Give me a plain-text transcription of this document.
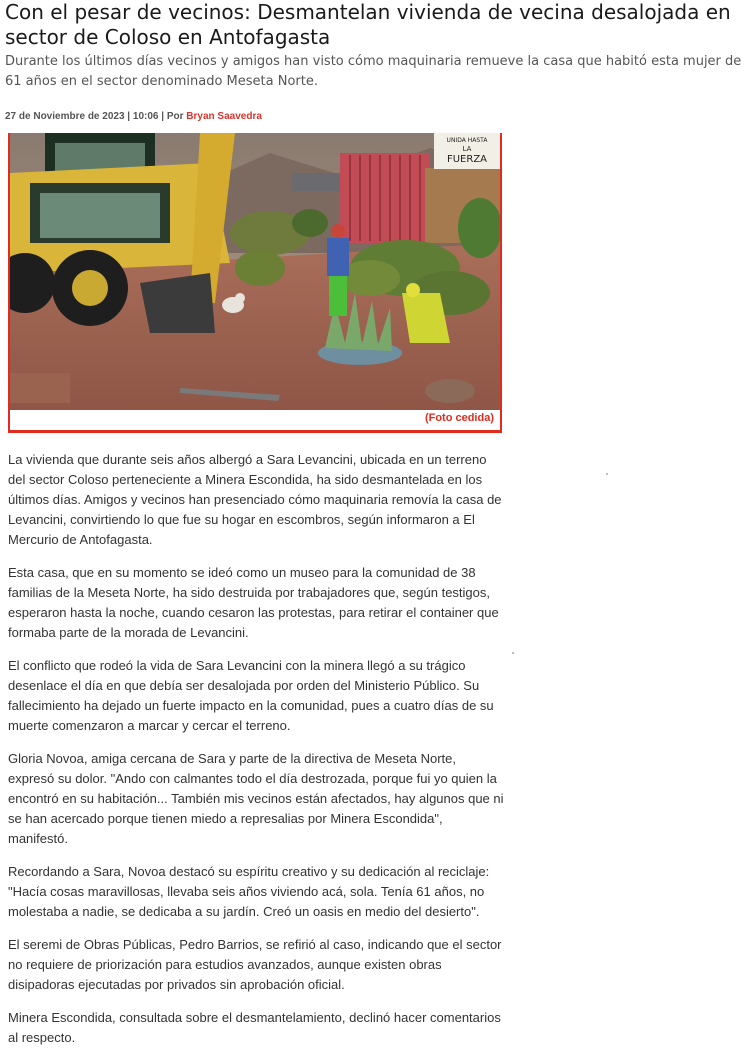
Con el pesar de vecinos: Desmantelan vivienda de vecina desalojada en sector de Coloso en Antofagasta

Durante los últimos días vecinos y amigos han visto cómo maquinaria remueve la casa que habitó esta mujer de 61 años en el sector denominado Meseta Norte.

27 de Noviembre de 2023 | 10:06 | Por Bryan Saavedra
UNIDA HASTA
LA
FUERZA
(Foto cedida)

La vivienda que durante seis años albergó a Sara Levancini, ubicada en un terreno del sector Coloso perteneciente a Minera Escondida, ha sido desmantelada en los últimos días. Amigos y vecinos han presenciado cómo maquinaria removía la casa de Levancini, convirtiendo lo que fue su hogar en escombros, según informaron a El Mercurio de Antofagasta.

Esta casa, que en su momento se ideó como un museo para la comunidad de 38 familias de la Meseta Norte, ha sido destruida por trabajadores que, según testigos, esperaron hasta la noche, cuando cesaron las protestas, para retirar el container que formaba parte de la morada de Levancini.

El conflicto que rodeó la vida de Sara Levancini con la minera llegó a su trágico desenlace el día en que debía ser desalojada por orden del Ministerio Público. Su fallecimiento ha dejado un fuerte impacto en la comunidad, pues a cuatro días de su muerte comenzaron a marcar y cercar el terreno.

Gloria Novoa, amiga cercana de Sara y parte de la directiva de Meseta Norte, expresó su dolor. "Ando con calmantes todo el día destrozada, porque fui yo quien la encontró en su habitación... También mis vecinos están afectados, hay algunos que ni se han acercado porque tienen miedo a represalias por Minera Escondida", manifestó.

Recordando a Sara, Novoa destacó su espíritu creativo y su dedicación al reciclaje: "Hacía cosas maravillosas, llevaba seis años viviendo acá, sola. Tenía 61 años, no molestaba a nadie, se dedicaba a su jardín. Creó un oasis en medio del desierto".

El seremi de Obras Públicas, Pedro Barrios, se refirió al caso, indicando que el sector no requiere de priorización para estudios avanzados, aunque existen obras disipadoras ejecutadas por privados sin aprobación oficial.

Minera Escondida, consultada sobre el desmantelamiento, declinó hacer comentarios al respecto.
